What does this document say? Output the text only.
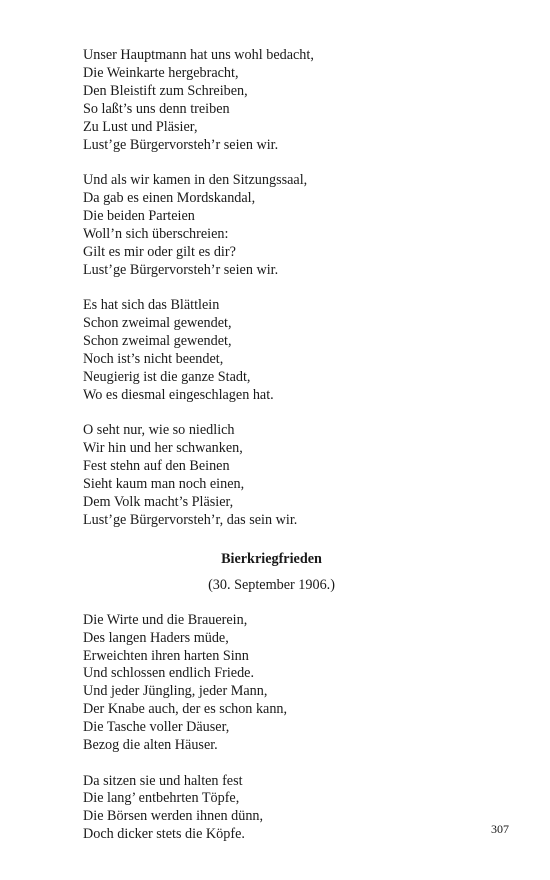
Unser Hauptmann hat uns wohl bedacht,
Die Weinkarte hergebracht,
Den Bleistift zum Schreiben,
So laßt’s uns denn treiben
Zu Lust und Pläsier,
Lust’ge Bürgervorsteh’r seien wir.
Und als wir kamen in den Sitzungssaal,
Da gab es einen Mordskandal,
Die beiden Parteien
Woll’n sich überschreien:
Gilt es mir oder gilt es dir?
Lust’ge Bürgervorsteh’r seien wir.
Es hat sich das Blättlein
Schon zweimal gewendet,
Schon zweimal gewendet,
Noch ist’s nicht beendet,
Neugierig ist die ganze Stadt,
Wo es diesmal eingeschlagen hat.
O seht nur, wie so niedlich
Wir hin und her schwanken,
Fest stehn auf den Beinen
Sieht kaum man noch einen,
Dem Volk macht’s Pläsier,
Lust’ge Bürgervorsteh’r, das sein wir.
Bierkriegfrieden
(30. September 1906.)
Die Wirte und die Brauerein,
Des langen Haders müde,
Erweichten ihren harten Sinn
Und schlossen endlich Friede.
Und jeder Jüngling, jeder Mann,
Der Knabe auch, der es schon kann,
Die Tasche voller Däuser,
Bezog die alten Häuser.
Da sitzen sie und halten fest
Die lang’ entbehrten Töpfe,
Die Börsen werden ihnen dünn,
Doch dicker stets die Köpfe.	307
